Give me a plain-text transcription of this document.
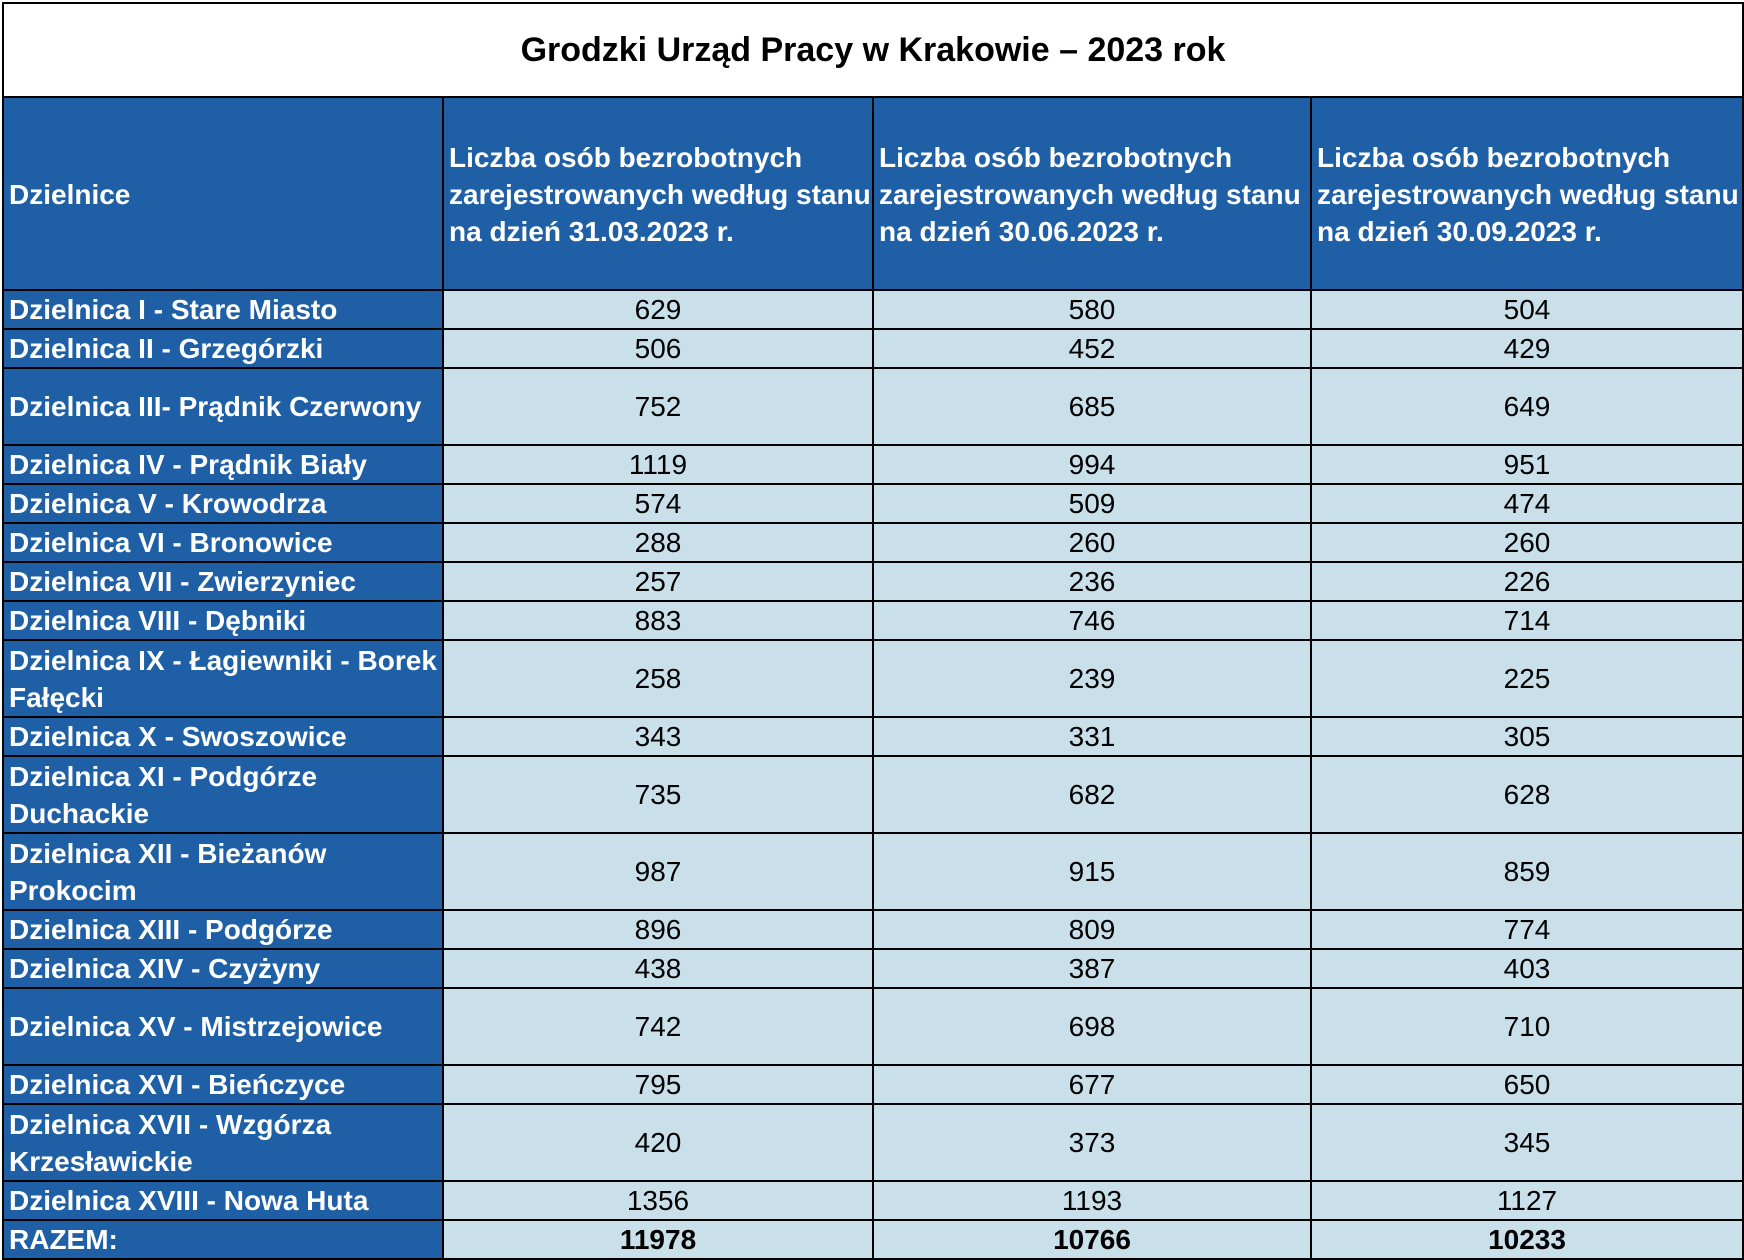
Grodzki Urząd Pracy w Krakowie – 2023 rok			

Dzielnice	Liczba osób bezrobotnych zarejestrowanych według stanu na dzień 31.03.2023 r.	Liczba osób bezrobotnych zarejestrowanych według stanu na dzień 30.06.2023 r.	Liczba osób bezrobotnych zarejestrowanych według stanu na dzień 30.09.2023 r.

Dzielnica I - Stare Miasto	629	580	504
Dzielnica II - Grzegórzki	506	452	429
Dzielnica III- Prądnik Czerwony	752	685	649
Dzielnica IV - Prądnik Biały	1119	994	951
Dzielnica V - Krowodrza	574	509	474
Dzielnica VI - Bronowice	288	260	260
Dzielnica VII - Zwierzyniec	257	236	226
Dzielnica VIII - Dębniki	883	746	714
Dzielnica IX - Łagiewniki - Borek Fałęcki	258	239	225
Dzielnica X - Swoszowice	343	331	305
Dzielnica XI - Podgórze Duchackie	735	682	628
Dzielnica XII - Bieżanów Prokocim	987	915	859
Dzielnica XIII - Podgórze	896	809	774
Dzielnica XIV - Czyżyny	438	387	403
Dzielnica XV - Mistrzejowice	742	698	710
Dzielnica XVI - Bieńczyce	795	677	650
Dzielnica XVII - Wzgórza Krzesławickie	420	373	345
Dzielnica XVIII - Nowa Huta	1356	1193	1127
RAZEM:	11978	10766	10233
